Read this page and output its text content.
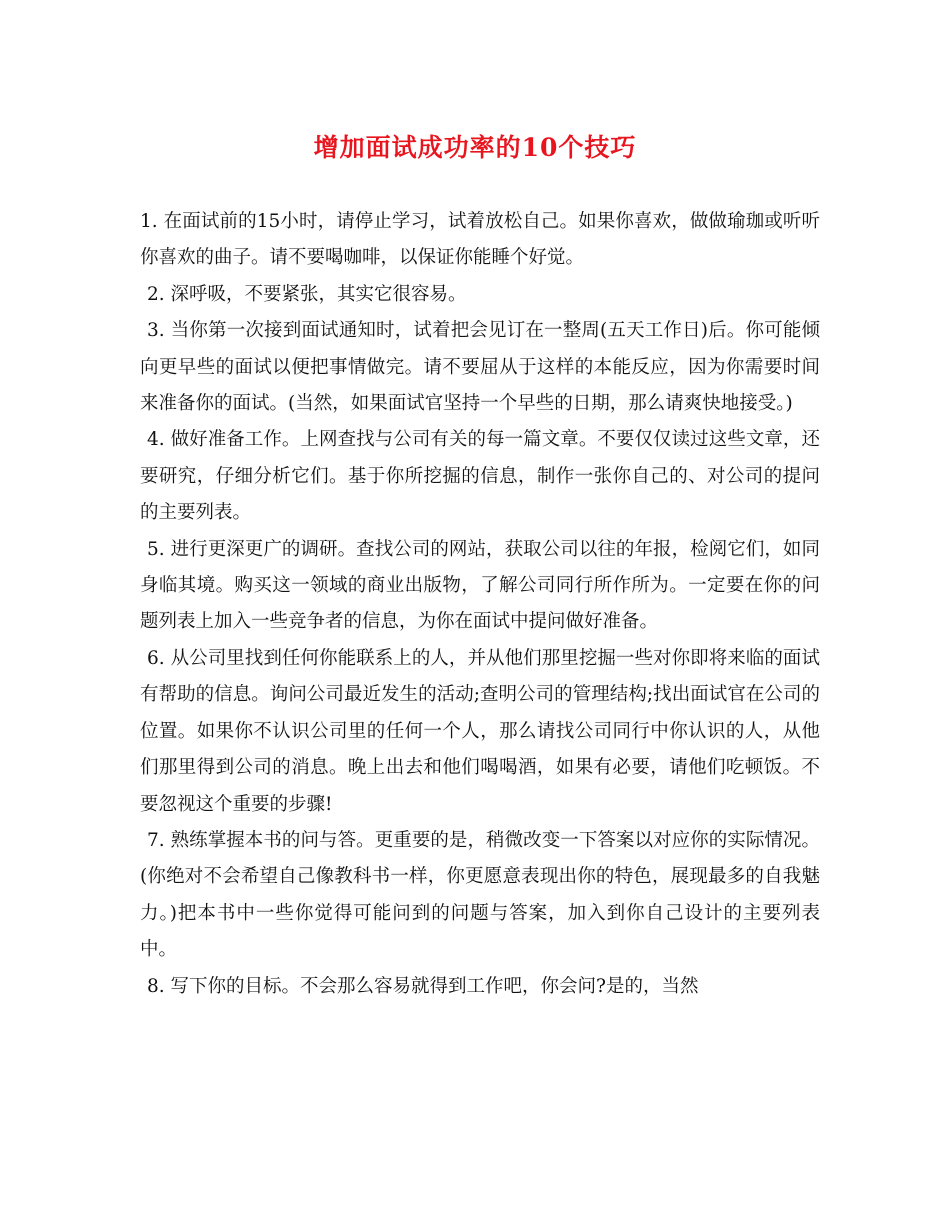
增加面试成功率的10个技巧

1. 在面试前的15小时，请停止学习，试着放松自己。如果你喜欢，做做瑜珈或听听你喜欢的曲子。请不要喝咖啡，以保证你能睡个好觉。

2. 深呼吸，不要紧张，其实它很容易。

3. 当你第一次接到面试通知时，试着把会见订在一整周(五天工作日)后。你可能倾向更早些的面试以便把事情做完。请不要屈从于这样的本能反应，因为你需要时间来准备你的面试。(当然，如果面试官坚持一个早些的日期，那么请爽快地接受。)

4. 做好准备工作。上网查找与公司有关的每一篇文章。不要仅仅读过这些文章，还要研究，仔细分析它们。基于你所挖掘的信息，制作一张你自己的、对公司的提问的主要列表。

5. 进行更深更广的调研。查找公司的网站，获取公司以往的年报，检阅它们，如同身临其境。购买这一领域的商业出版物，了解公司同行所作所为。一定要在你的问题列表上加入一些竞争者的信息，为你在面试中提问做好准备。

6. 从公司里找到任何你能联系上的人，并从他们那里挖掘一些对你即将来临的面试有帮助的信息。询问公司最近发生的活动;查明公司的管理结构;找出面试官在公司的位置。如果你不认识公司里的任何一个人，那么请找公司同行中你认识的人，从他们那里得到公司的消息。晚上出去和他们喝喝酒，如果有必要，请他们吃顿饭。不要忽视这个重要的步骤!

7. 熟练掌握本书的问与答。更重要的是，稍微改变一下答案以对应你的实际情况。(你绝对不会希望自己像教科书一样，你更愿意表现出你的特色，展现最多的自我魅力。)把本书中一些你觉得可能问到的问题与答案，加入到你自己设计的主要列表中。

8. 写下你的目标。不会那么容易就得到工作吧，你会问?是的，当然
